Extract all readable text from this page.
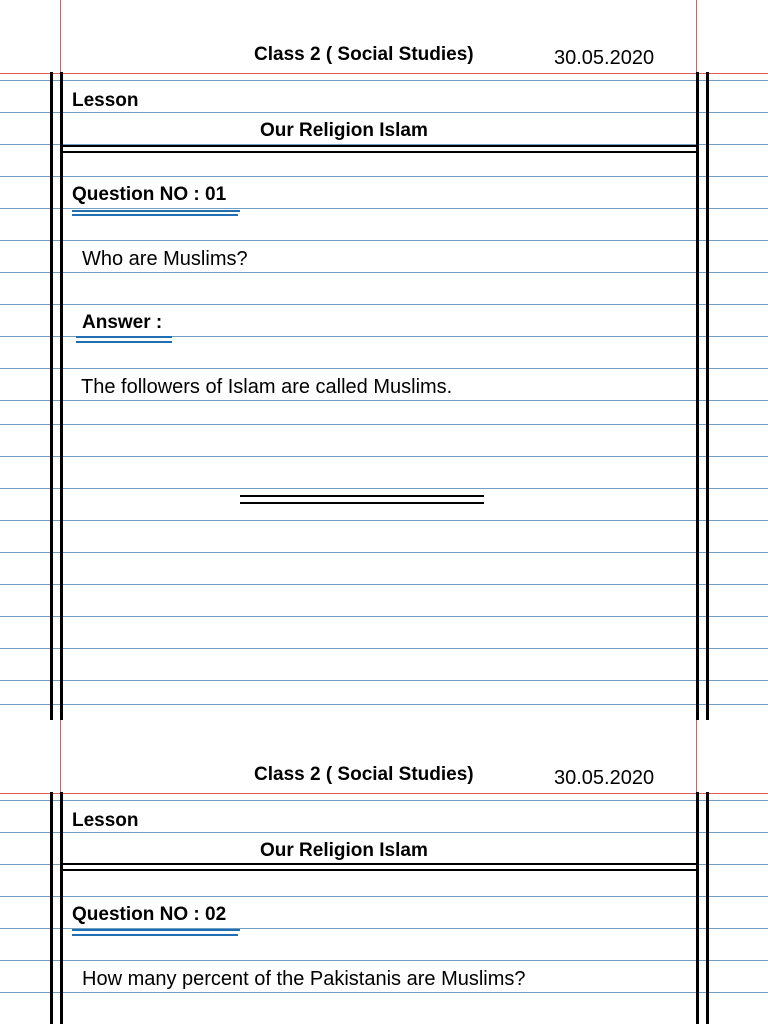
Class 2 ( Social Studies)	30.05.2020
Lesson
Our Religion Islam
Question NO : 01
Who are Muslims?
Answer :
The followers of Islam are called Muslims.
Class 2 ( Social Studies)	30.05.2020
Lesson
Our Religion Islam
Question NO : 02
How many percent of the Pakistanis are Muslims?
